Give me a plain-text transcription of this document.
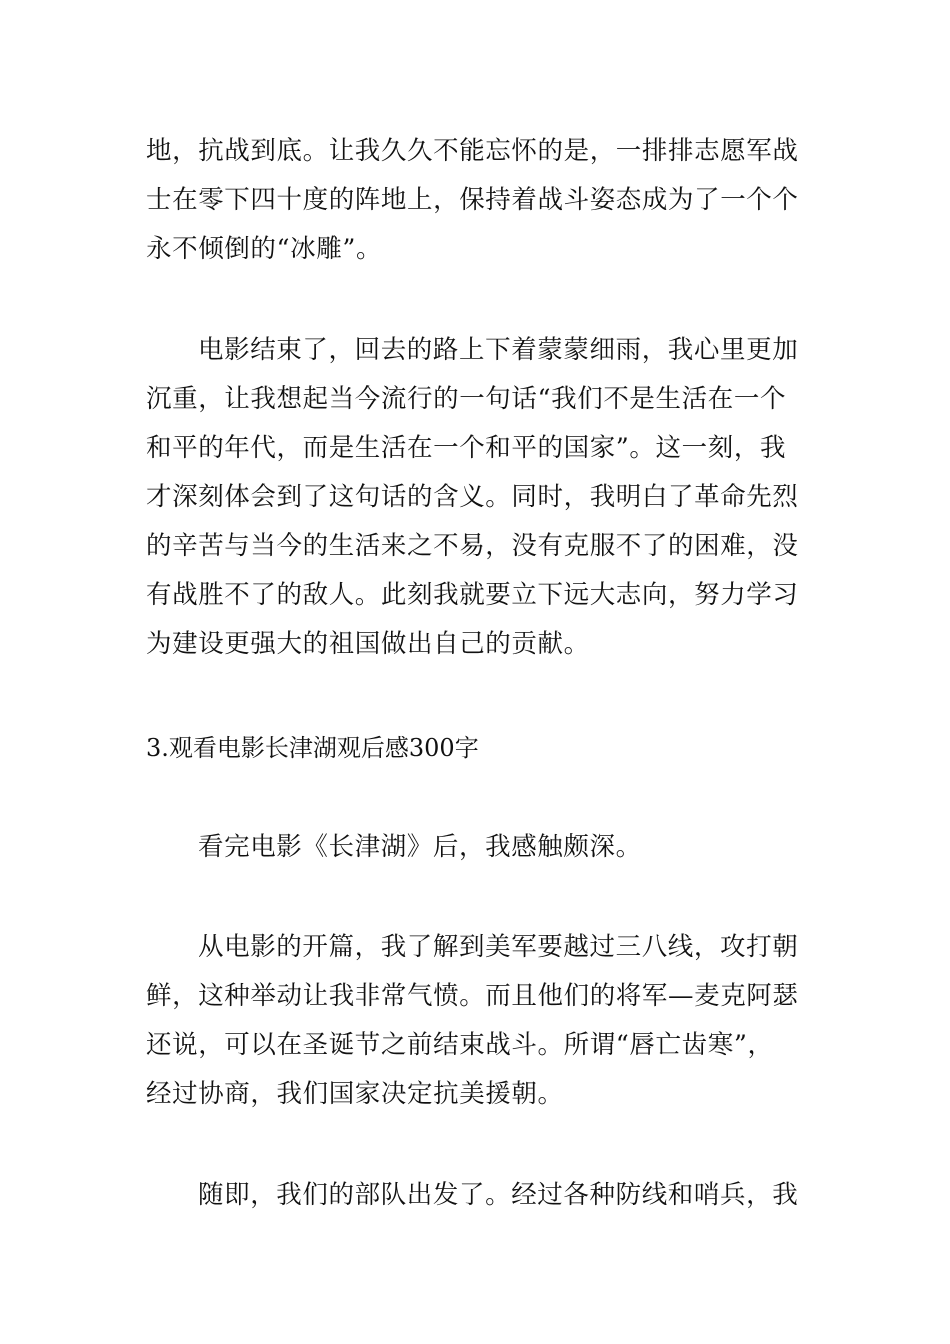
地，抗战到底。让我久久不能忘怀的是，一排排志愿军战
士在零下四十度的阵地上，保持着战斗姿态成为了一个个
永不倾倒的“冰雕”。
电影结束了，回去的路上下着蒙蒙细雨，我心里更加
沉重，让我想起当今流行的一句话“我们不是生活在一个
和平的年代，而是生活在一个和平的国家”。这一刻，我
才深刻体会到了这句话的含义。同时，我明白了革命先烈
的辛苦与当今的生活来之不易，没有克服不了的困难，没
有战胜不了的敌人。此刻我就要立下远大志向，努力学习
为建设更强大的祖国做出自己的贡献。
3.观看电影长津湖观后感300字
看完电影《长津湖》后，我感触颇深。
从电影的开篇，我了解到美军要越过三八线，攻打朝
鲜，这种举动让我非常气愤。而且他们的将军—麦克阿瑟
还说，可以在圣诞节之前结束战斗。所谓“唇亡齿寒”，
经过协商，我们国家决定抗美援朝。
随即，我们的部队出发了。经过各种防线和哨兵，我
